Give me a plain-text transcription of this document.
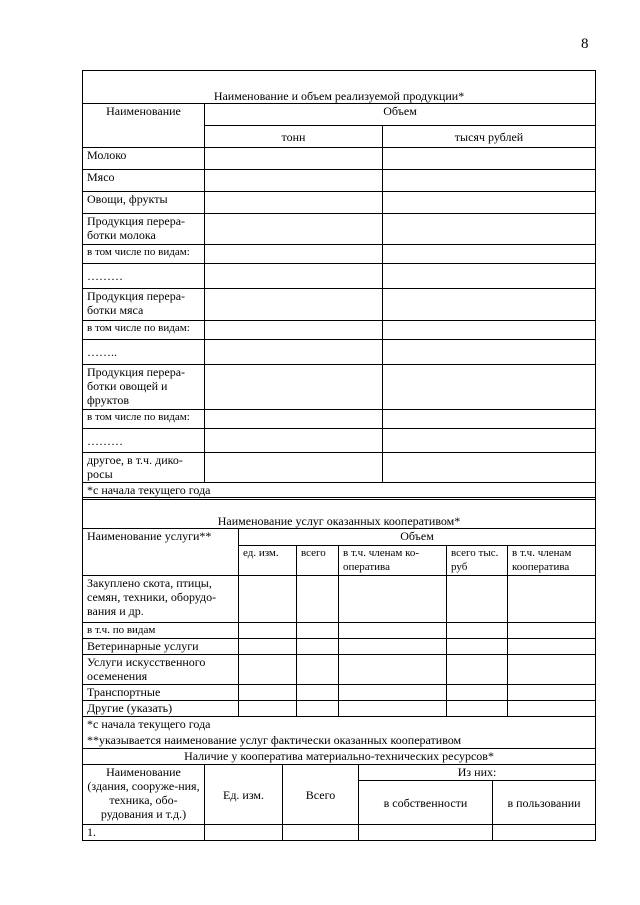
8
Наименование и объем реализуемой продукции*		
Наименование	Объем	
	тонн	тысяч рублей
Молоко		
Мясо		
Овощи, фрукты		
Продукция перера-ботки молока		
в том числе по видам:		
………		
Продукция перера-ботки мяса		
в том числе по видам:		
……..		
Продукция перера-ботки овощей и фруктов		
в том числе по видам:		
………		
другое, в т.ч. дико-росы		
*с начала текущего года		
Наименование услуг оказанных кооперативом*					
Наименование услуги**	Объем				
	ед. изм.	всего	в т.ч. членам ко-оператива	всего тыс. руб	в т.ч. членам кооператива
Закуплено скота, птицы, семян, техники, оборудо-вания и др.					
в т.ч. по видам					
Ветеринарные услуги					
Услуги искусственного осеменения					
Транспортные					
Другие (указать)					
*с начала текущего года					
**указывается наименование услуг фактически оказанных кооперативом					
Наличие у кооператива материально-технических ресурсов*				
Наименование (здания, сооруже-ния, техника, обо-рудования и т.д.)	Ед. изм.	Всего	Из них:	
			в собственности	в пользовании
1.				
